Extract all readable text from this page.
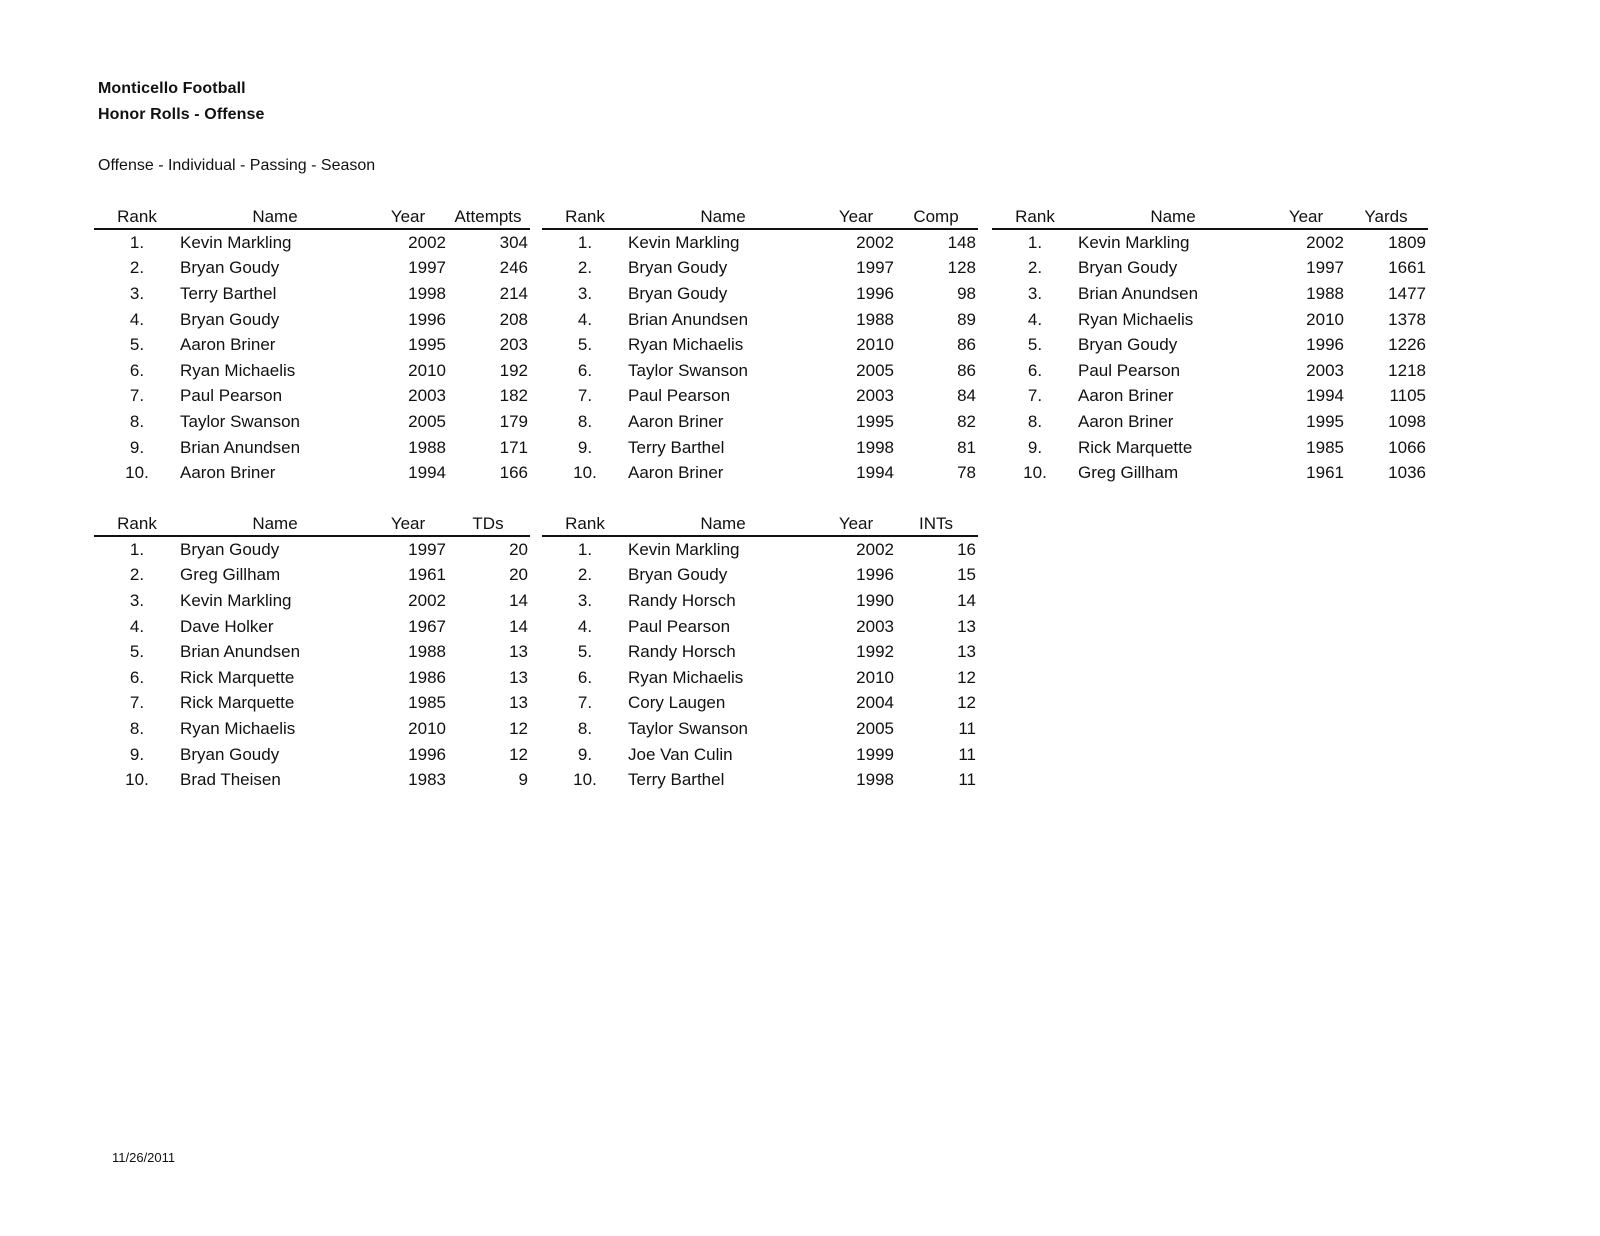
Monticello Football
Honor Rolls - Offense
Offense - Individual - Passing - Season
Rank	Name	Year	Attempts
1.	Kevin Markling	2002	304
2.	Bryan Goudy	1997	246
3.	Terry Barthel	1998	214
4.	Bryan Goudy	1996	208
5.	Aaron Briner	1995	203
6.	Ryan Michaelis	2010	192
7.	Paul Pearson	2003	182
8.	Taylor Swanson	2005	179
9.	Brian Anundsen	1988	171
10.	Aaron Briner	1994	166
Rank	Name	Year	Comp
1.	Kevin Markling	2002	148
2.	Bryan Goudy	1997	128
3.	Bryan Goudy	1996	98
4.	Brian Anundsen	1988	89
5.	Ryan Michaelis	2010	86
6.	Taylor Swanson	2005	86
7.	Paul Pearson	2003	84
8.	Aaron Briner	1995	82
9.	Terry Barthel	1998	81
10.	Aaron Briner	1994	78
Rank	Name	Year	Yards
1.	Kevin Markling	2002	1809
2.	Bryan Goudy	1997	1661
3.	Brian Anundsen	1988	1477
4.	Ryan Michaelis	2010	1378
5.	Bryan Goudy	1996	1226
6.	Paul Pearson	2003	1218
7.	Aaron Briner	1994	1105
8.	Aaron Briner	1995	1098
9.	Rick Marquette	1985	1066
10.	Greg Gillham	1961	1036
Rank	Name	Year	TDs
1.	Bryan Goudy	1997	20
2.	Greg Gillham	1961	20
3.	Kevin Markling	2002	14
4.	Dave Holker	1967	14
5.	Brian Anundsen	1988	13
6.	Rick Marquette	1986	13
7.	Rick Marquette	1985	13
8.	Ryan Michaelis	2010	12
9.	Bryan Goudy	1996	12
10.	Brad Theisen	1983	9
Rank	Name	Year	INTs
1.	Kevin Markling	2002	16
2.	Bryan Goudy	1996	15
3.	Randy Horsch	1990	14
4.	Paul Pearson	2003	13
5.	Randy Horsch	1992	13
6.	Ryan Michaelis	2010	12
7.	Cory Laugen	2004	12
8.	Taylor Swanson	2005	11
9.	Joe Van Culin	1999	11
10.	Terry Barthel	1998	11
11/26/2011
